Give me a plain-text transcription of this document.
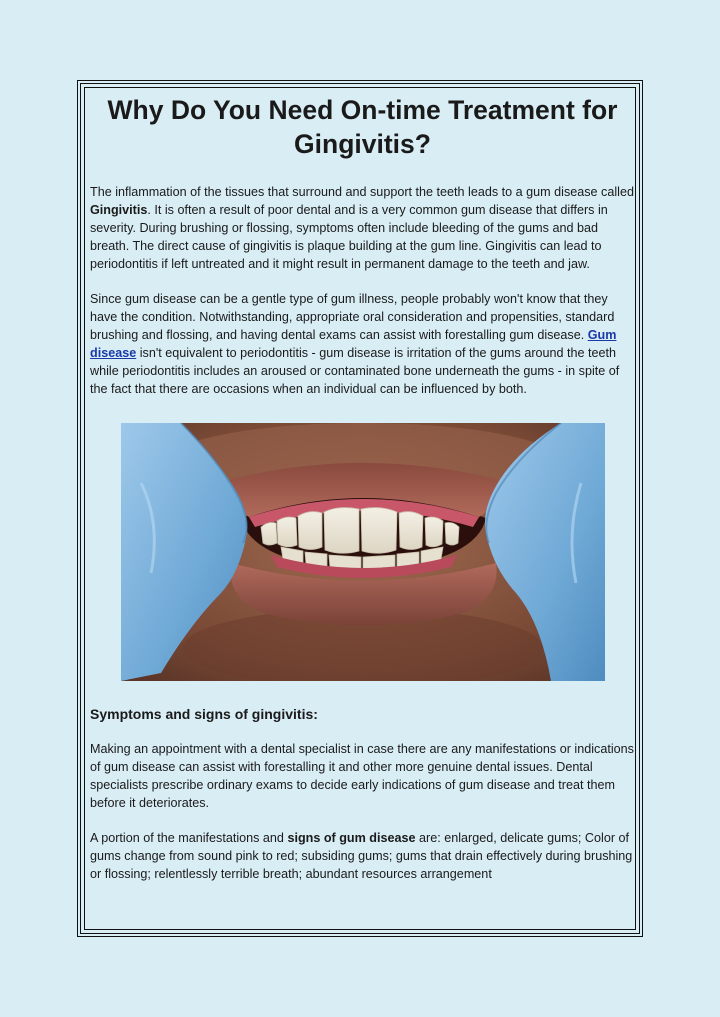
Why Do You Need On-time Treatment for Gingivitis?

The inflammation of the tissues that surround and support the teeth leads to a gum disease called Gingivitis. It is often a result of poor dental and is a very common gum disease that differs in severity. During brushing or flossing, symptoms often include bleeding of the gums and bad breath. The direct cause of gingivitis is plaque building at the gum line. Gingivitis can lead to periodontitis if left untreated and it might result in permanent damage to the teeth and jaw.

Since gum disease can be a gentle type of gum illness, people probably won't know that they have the condition. Notwithstanding, appropriate oral consideration and propensities, standard brushing and flossing, and having dental exams can assist with forestalling gum disease. Gum disease isn't equivalent to periodontitis - gum disease is irritation of the gums around the teeth while periodontitis includes an aroused or contaminated bone underneath the gums - in spite of the fact that there are occasions when an individual can be influenced by both.

Symptoms and signs of gingivitis:

Making an appointment with a dental specialist in case there are any manifestations or indications of gum disease can assist with forestalling it and other more genuine dental issues. Dental specialists prescribe ordinary exams to decide early indications of gum disease and treat them before it deteriorates.

A portion of the manifestations and signs of gum disease are: enlarged, delicate gums; Color of gums change from sound pink to red; subsiding gums; gums that drain effectively during brushing or flossing; relentlessly terrible breath; abundant resources arrangement
